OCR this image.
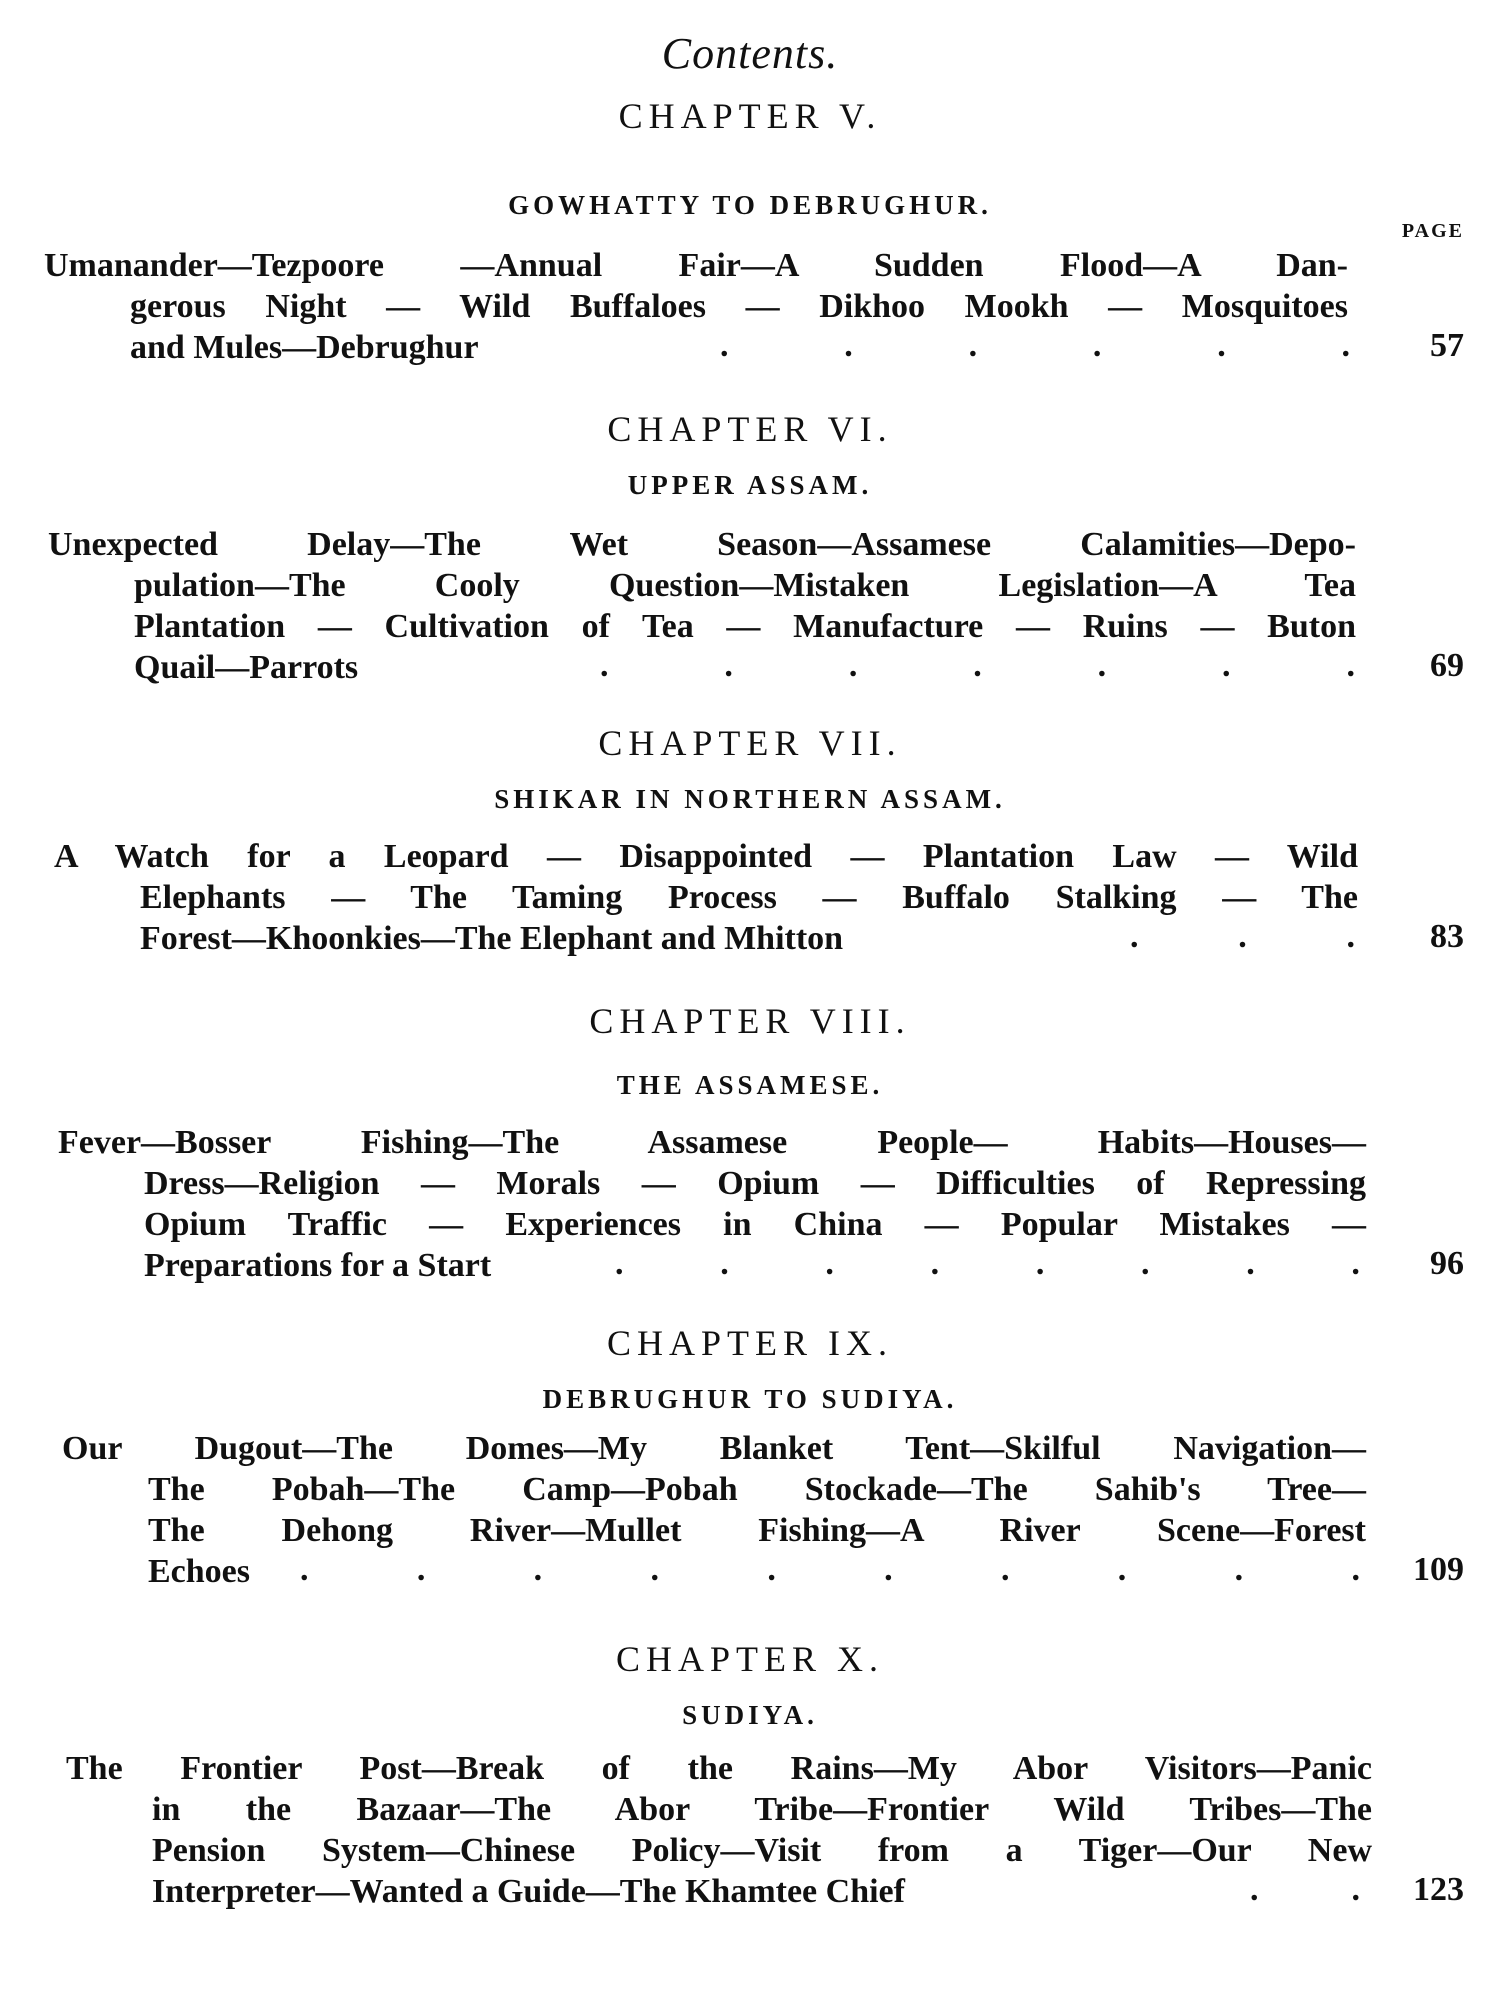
Contents.
CHAPTER V.
GOWHATTY TO DEBRUGHUR.
PAGE
Umanander—Tezpoore —Annual Fair—A Sudden Flood—A Dan-
gerous Night — Wild Buffaloes — Dikhoo Mookh — Mosquitoes
and Mules—Debrughur	.	.	.	.	.	. 57
CHAPTER VI.
UPPER ASSAM.
Unexpected Delay—The Wet Season—Assamese Calamities—Depo-
pulation—The Cooly Question—Mistaken Legislation—A Tea
Plantation — Cultivation of Tea — Manufacture — Ruins — Buton
Quail—Parrots	.	.	.	.	.	.	. 69
CHAPTER VII.
SHIKAR IN NORTHERN ASSAM.
A Watch for a Leopard — Disappointed — Plantation Law — Wild
Elephants — The Taming Process — Buffalo Stalking — The
Forest—Khoonkies—The Elephant and Mhitton	.	.	. 83
CHAPTER VIII.
THE ASSAMESE.
Fever—Bosser Fishing—The Assamese People— Habits—Houses—
Dress—Religion — Morals — Opium — Difficulties of Repressing
Opium Traffic — Experiences in China — Popular Mistakes —
Preparations for a Start	.	.	.	.	.	.	.	. 96
CHAPTER IX.
DEBRUGHUR TO SUDIYA.
Our Dugout—The Domes—My Blanket Tent—Skilful Navigation—
The Pobah—The Camp—Pobah Stockade—The Sahib's Tree—
The Dehong River—Mullet Fishing—A River Scene—Forest
Echoes	.	.	.	.	.	.	.	.	.	. 109
CHAPTER X.
SUDIYA.
The Frontier Post—Break of the Rains—My Abor Visitors—Panic
in the Bazaar—The Abor Tribe—Frontier Wild Tribes—The
Pension System—Chinese Policy—Visit from a Tiger—Our New
Interpreter—Wanted a Guide—The Khamtee Chief	.	. 123
